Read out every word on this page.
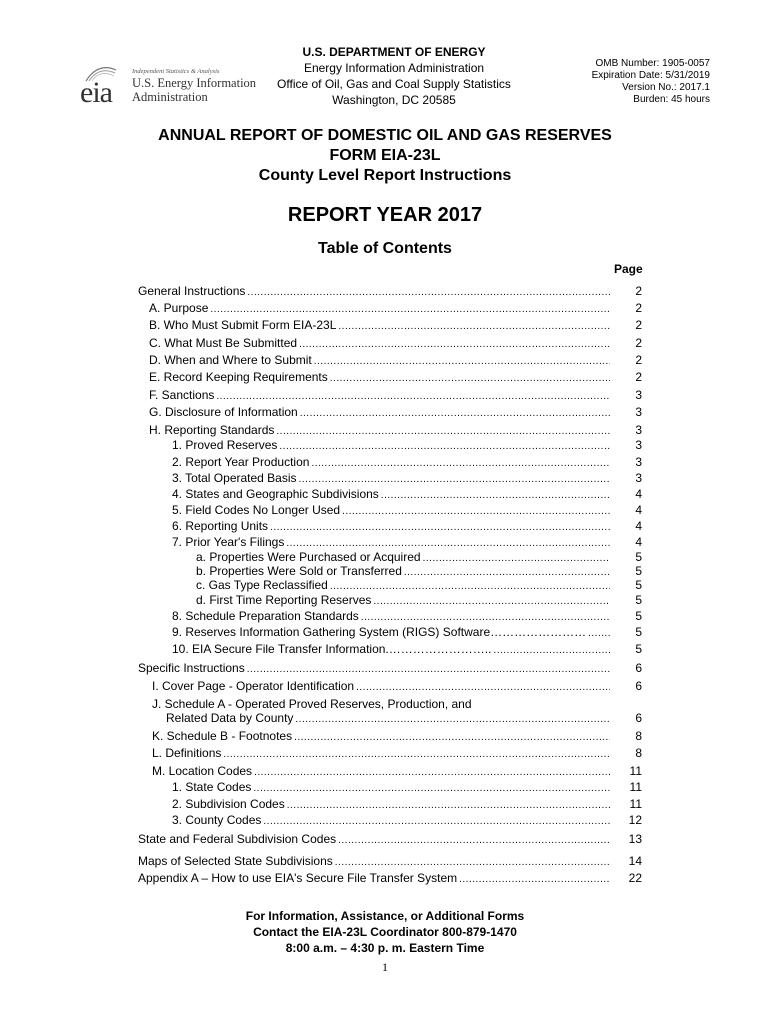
eia
Independent Statistics & Analysis
U.S. Energy Information
Administration
U.S. DEPARTMENT OF ENERGY
Energy Information Administration
Office of Oil, Gas and Coal Supply Statistics
Washington, DC 20585
OMB Number: 1905-0057
Expiration Date: 5/31/2019
Version No.: 2017.1
Burden: 45 hours
ANNUAL REPORT OF DOMESTIC OIL AND GAS RESERVES
FORM EIA-23L
County Level Report Instructions
REPORT YEAR 2017
Table of Contents
Page
General Instructions .....	2
A. Purpose .....	2
B. Who Must Submit Form EIA-23L .....	2
C. What Must Be Submitted .....	2
D. When and Where to Submit .....	2
E. Record Keeping Requirements .....	2
F. Sanctions .....	3
G. Disclosure of Information .....	3
H. Reporting Standards .....	3
1. Proved Reserves .....	3
2. Report Year Production .....	3
3. Total Operated Basis .....	3
4. States and Geographic Subdivisions .....	4
5. Field Codes No Longer Used .....	4
6. Reporting Units .....	4
7. Prior Year's Filings .....	4
a. Properties Were Purchased or Acquired .....	5
b. Properties Were Sold or Transferred .....	5
c. Gas Type Reclassified .....	5
d. First Time Reporting Reserves .....	5
8. Schedule Preparation Standards .....	5
9. Reserves Information Gathering System (RIGS) Software…………………… .....	5
10. EIA Secure File Transfer Information.…………………….. .....	5
Specific Instructions .....	6
I. Cover Page - Operator Identification .....	6
J. Schedule A - Operated Proved Reserves, Production, and
Related Data by County .....	6
K. Schedule B - Footnotes .....	8
L. Definitions .....	8
M. Location Codes .....	11
1. State Codes .....	11
2. Subdivision Codes .....	11
3. County Codes .....	12
State and Federal Subdivision Codes .....	13
Maps of Selected State Subdivisions .....	14
Appendix A – How to use EIA's Secure File Transfer System .....	22
For Information, Assistance, or Additional Forms
Contact the EIA-23L Coordinator 800-879-1470
8:00 a.m. – 4:30 p. m. Eastern Time
1
